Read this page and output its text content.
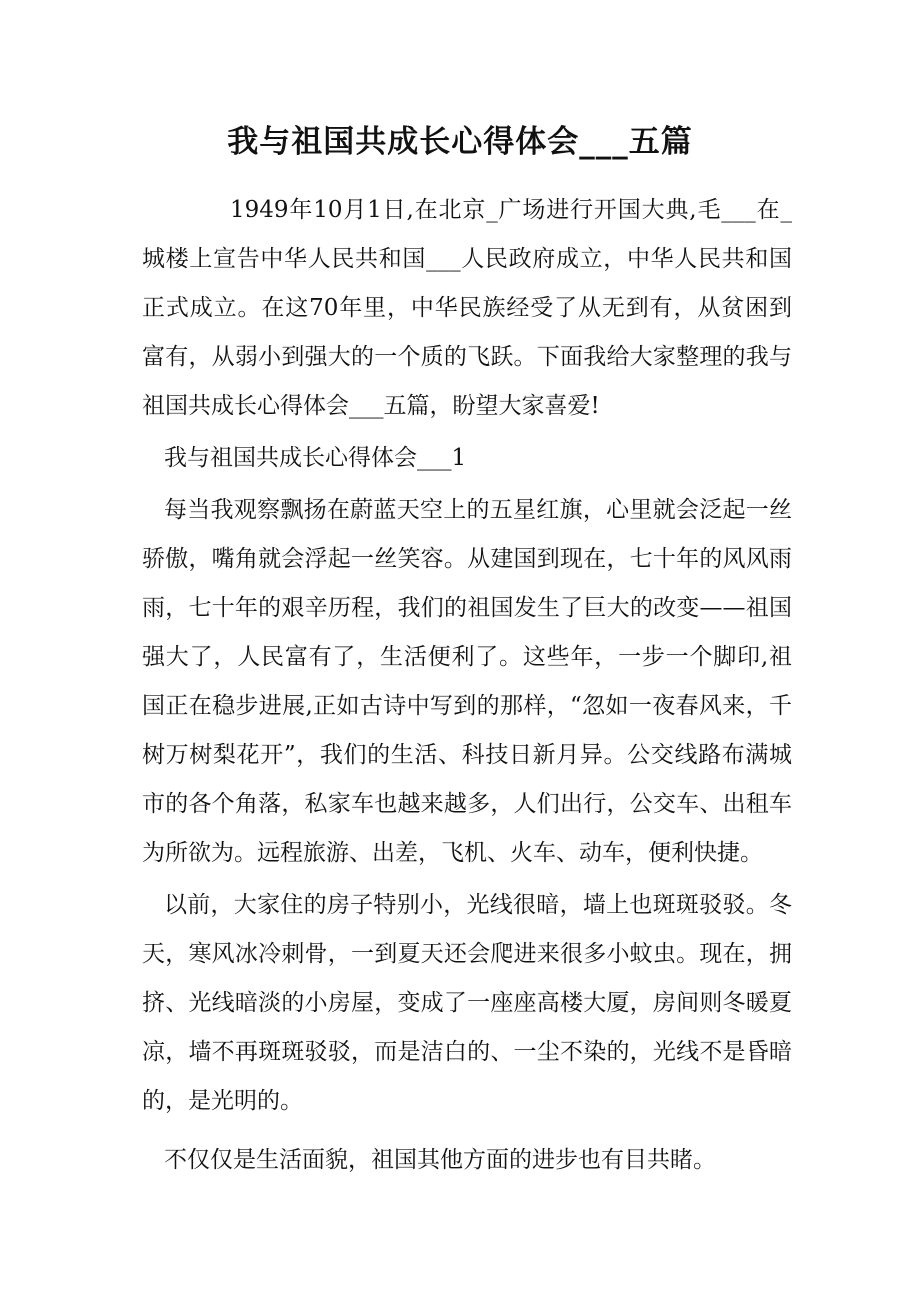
我与祖国共成长心得体会___五篇

1949年10月1日,在北京_广场进行开国大典,毛___在_城楼上宣告中华人民共和国___人民政府成立，中华人民共和国正式成立。在这70年里，中华民族经受了从无到有，从贫困到富有，从弱小到强大的一个质的飞跃。下面我给大家整理的我与祖国共成长心得体会___五篇，盼望大家喜爱!

我与祖国共成长心得体会___1

每当我观察飘扬在蔚蓝天空上的五星红旗，心里就会泛起一丝骄傲，嘴角就会浮起一丝笑容。从建国到现在，七十年的风风雨雨，七十年的艰辛历程，我们的祖国发生了巨大的改变——祖国强大了，人民富有了，生活便利了。这些年，一步一个脚印,祖国正在稳步进展,正如古诗中写到的那样，“忽如一夜春风来，千树万树梨花开”，我们的生活、科技日新月异。公交线路布满城市的各个角落，私家车也越来越多，人们出行，公交车、出租车为所欲为。远程旅游、出差，飞机、火车、动车，便利快捷。

以前，大家住的房子特别小，光线很暗，墙上也斑斑驳驳。冬天，寒风冰冷刺骨，一到夏天还会爬进来很多小蚊虫。现在，拥挤、光线暗淡的小房屋，变成了一座座高楼大厦，房间则冬暖夏凉，墙不再斑斑驳驳，而是洁白的、一尘不染的，光线不是昏暗的，是光明的。

不仅仅是生活面貌，祖国其他方面的进步也有目共睹。
